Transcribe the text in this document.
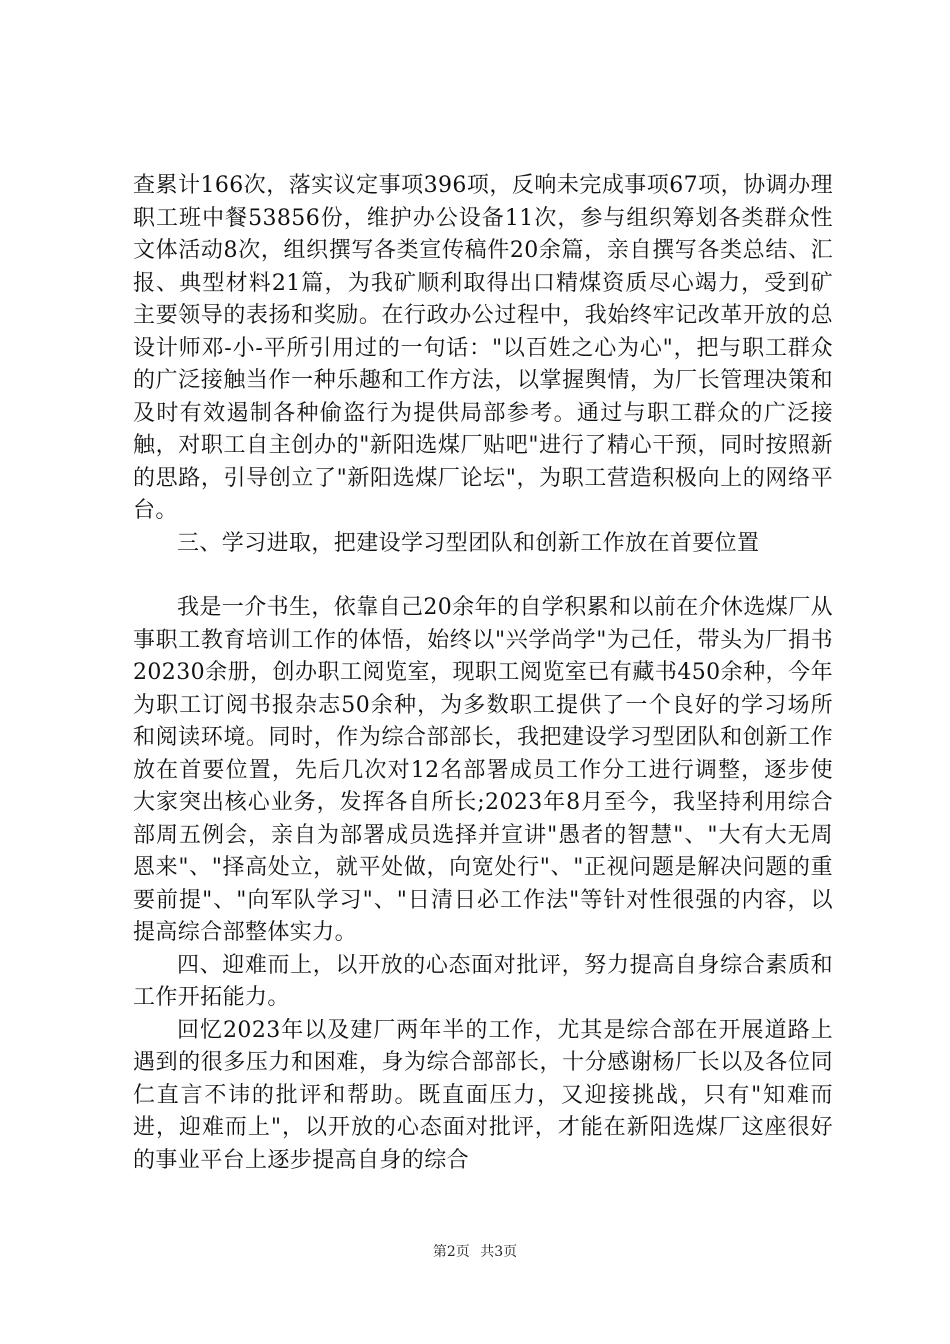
查累计166次，落实议定事项396项，反响未完成事项67项，协调办理职工班中餐53856份，维护办公设备11次，参与组织筹划各类群众性文体活动8次，组织撰写各类宣传稿件20余篇，亲自撰写各类总结、汇报、典型材料21篇，为我矿顺利取得出口精煤资质尽心竭力，受到矿主要领导的表扬和奖励。在行政办公过程中，我始终牢记改革开放的总设计师邓-小-平所引用过的一句话："以百姓之心为心"，把与职工群众的广泛接触当作一种乐趣和工作方法，以掌握舆情，为厂长管理决策和及时有效遏制各种偷盗行为提供局部参考。通过与职工群众的广泛接触，对职工自主创办的"新阳选煤厂贴吧"进行了精心干预，同时按照新的思路，引导创立了"新阳选煤厂论坛"，为职工营造积极向上的网络平台。

三、学习进取，把建设学习型团队和创新工作放在首要位置

我是一介书生，依靠自己20余年的自学积累和以前在介休选煤厂从事职工教育培训工作的体悟，始终以"兴学尚学"为己任，带头为厂捐书20230余册，创办职工阅览室，现职工阅览室已有藏书450余种，今年为职工订阅书报杂志50余种，为多数职工提供了一个良好的学习场所和阅读环境。同时，作为综合部部长，我把建设学习型团队和创新工作放在首要位置，先后几次对12名部署成员工作分工进行调整，逐步使大家突出核心业务，发挥各自所长;2023年8月至今，我坚持利用综合部周五例会，亲自为部署成员选择并宣讲"愚者的智慧"、"大有大无周恩来"、"择高处立，就平处做，向宽处行"、"正视问题是解决问题的重要前提"、"向军队学习"、"日清日必工作法"等针对性很强的内容，以提高综合部整体实力。

四、迎难而上，以开放的心态面对批评，努力提高自身综合素质和工作开拓能力。

回忆2023年以及建厂两年半的工作，尤其是综合部在开展道路上遇到的很多压力和困难，身为综合部部长，十分感谢杨厂长以及各位同仁直言不讳的批评和帮助。既直面压力，又迎接挑战，只有"知难而进，迎难而上"，以开放的心态面对批评，才能在新阳选煤厂这座很好的事业平台上逐步提高自身的综合

第2页 共3页
